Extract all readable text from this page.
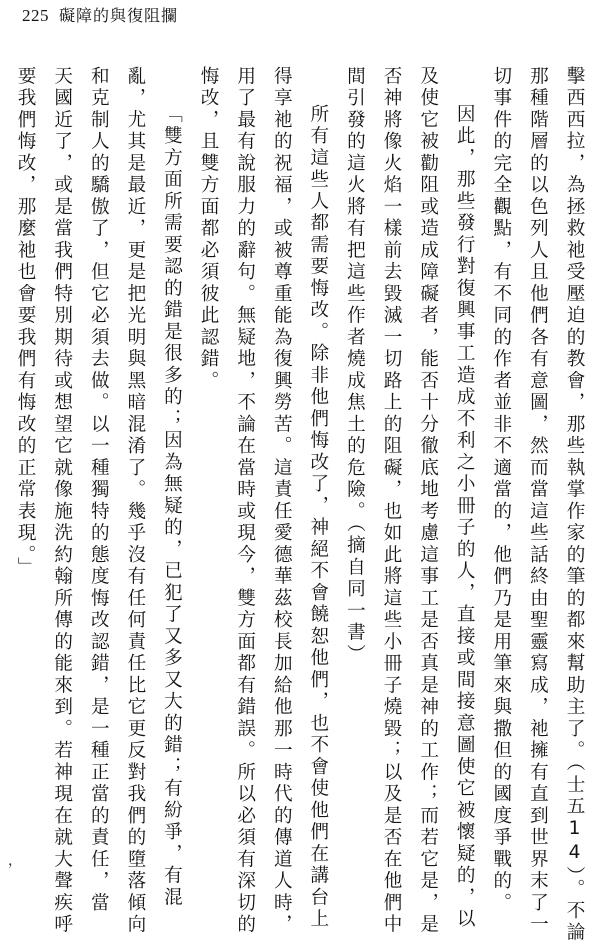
225 礙障的與復阻攔
擊西西拉，為拯救祂受壓迫的教會，那些執掌作家的筆的都來幫助主了。（士五14）。不論
那種階層的以色列人且他們各有意圖，然而當這些話終由聖靈寫成，祂擁有直到世界末了一
切事件的完全觀點，有不同的作者並非不適當的，他們乃是用筆來與撒但的國度爭戰的。
因此，那些發行對復興事工造成不利之小冊子的人，直接或間接意圖使它被懷疑的，以
及使它被勸阻或造成障礙者，能否十分徹底地考慮這事工是否真是神的工作；而若它是，是
否神將像火焰一樣前去毀滅一切路上的阻礙，也如此將這些小冊子燒毀；以及是否在他們中
間引發的這火將有把這些作者燒成焦土的危險。（摘自同一書）
所有這些人都需要悔改。除非他們悔改了，神絕不會饒恕他們，也不會使他們在講台上
得享祂的祝福，或被尊重能為復興勞苦。這責任愛德華茲校長加給他那一時代的傳道人時，
用了最有說服力的辭句。無疑地，不論在當時或現今，雙方面都有錯誤。所以必須有深切的
悔改，且雙方面都必須彼此認錯。
「雙方面所需要認的錯是很多的；因為無疑的，已犯了又多又大的錯；有紛爭，有混
亂，尤其是最近，更是把光明與黑暗混淆了。幾乎沒有任何責任比它更反對我們的墮落傾向
和克制人的驕傲了，但它必須去做。以一種獨特的態度悔改認錯，是一種正當的責任，當
天國近了，或是當我們特別期待或想望它就像施洗約翰所傳的能來到。若神現在就大聲疾呼
要我們悔改，那麼祂也會要我們有悔改的正常表現。」
，
